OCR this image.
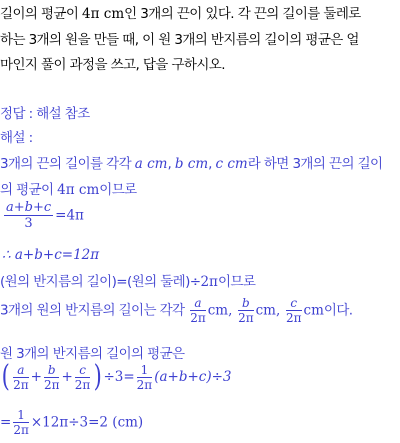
길이의 평균이 4π cm인 3개의 끈이 있다. 각 끈의 길이를 둘레로
하는 3개의 원을 만들 때, 이 원 3개의 반지름의 길이의 평균은 얼
마인지 풀이 과정을 쓰고, 답을 구하시오.
정답 : 해설 참조
해설 :
3개의 끈의 길이를 각각 a cm, b cm, c cm라 하면 3개의 끈의 길이
의 평균이 4π cm이므로
$\frac{a+b+c}{3} =4\pi$
∴ a+b+c=12π
(원의 반지름의 길이)=(원의 둘레)÷2π이므로
3개의 원의 반지름의 길이는 각각 $\frac{a}{2\pi}$ cm, $\frac{b}{2\pi}$ cm, $\frac{c}{2\pi}$ cm이다.
원 3개의 반지름의 길이의 평균은
( $\frac{a}{2\pi} + \frac{b}{2\pi} + \frac{c}{2\pi}$ ) $\div 3= \frac{1}{2\pi} (a+b+c)\div 3$
= $\frac{1}{2\pi} \times 12\pi\div 3=2$ (cm)
